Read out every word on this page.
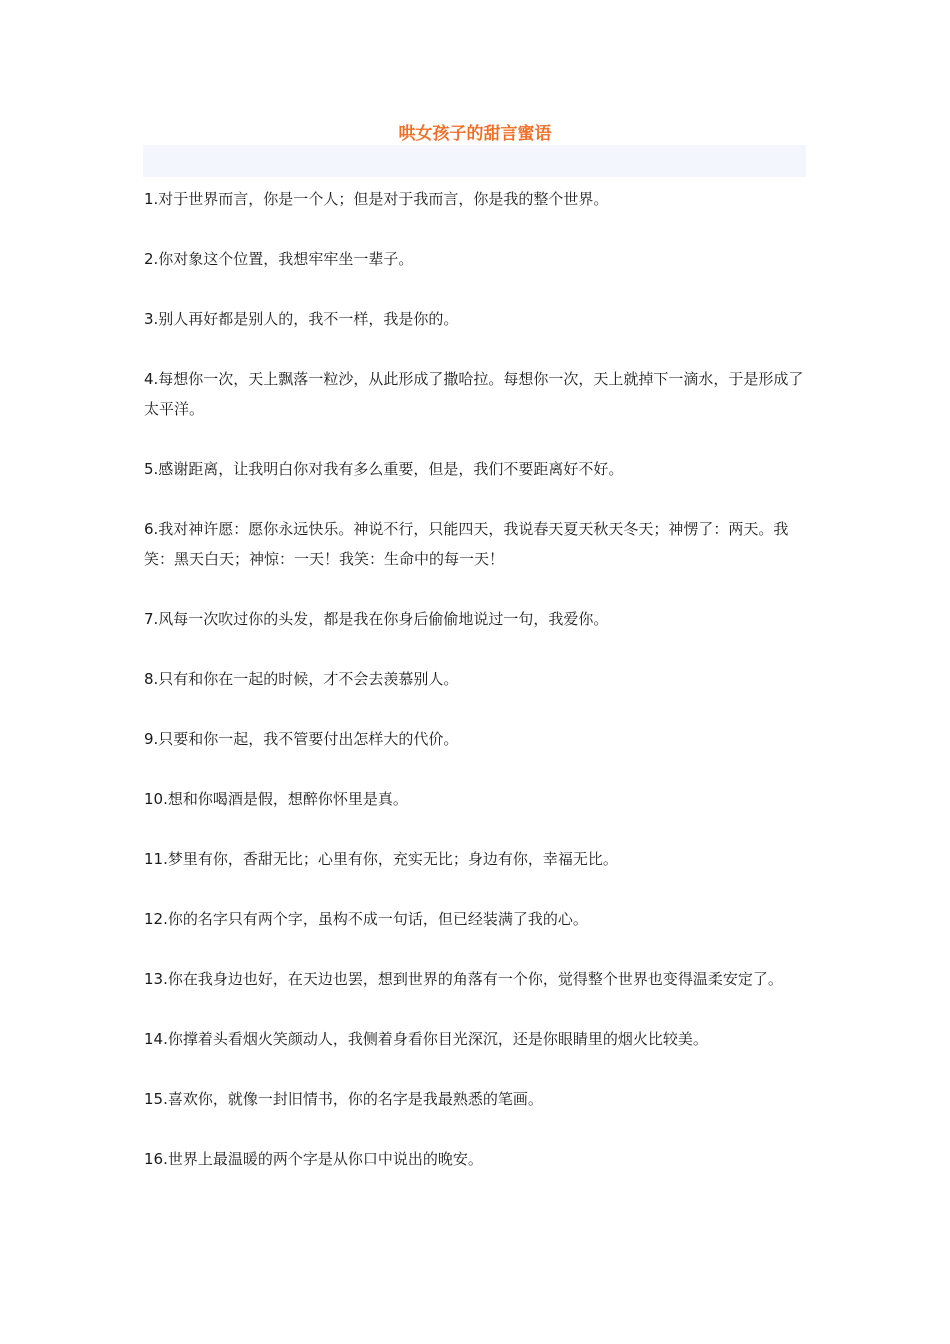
哄女孩子的甜言蜜语

1.对于世界而言，你是一个人；但是对于我而言，你是我的整个世界。

2.你对象这个位置，我想牢牢坐一辈子。

3.别人再好都是别人的，我不一样，我是你的。

4.每想你一次，天上飘落一粒沙，从此形成了撒哈拉。每想你一次，天上就掉下一滴水，于是形成了太平洋。

5.感谢距离，让我明白你对我有多么重要，但是，我们不要距离好不好。

6.我对神许愿：愿你永远快乐。神说不行，只能四天，我说春天夏天秋天冬天；神愣了：两天。我笑：黑天白天；神惊：一天！我笑：生命中的每一天！

7.风每一次吹过你的头发，都是我在你身后偷偷地说过一句，我爱你。

8.只有和你在一起的时候，才不会去羡慕别人。

9.只要和你一起，我不管要付出怎样大的代价。

10.想和你喝酒是假，想醉你怀里是真。

11.梦里有你，香甜无比；心里有你，充实无比；身边有你，幸福无比。

12.你的名字只有两个字，虽构不成一句话，但已经装满了我的心。

13.你在我身边也好，在天边也罢，想到世界的角落有一个你，觉得整个世界也变得温柔安定了。

14.你撑着头看烟火笑颜动人，我侧着身看你目光深沉，还是你眼睛里的烟火比较美。

15.喜欢你，就像一封旧情书，你的名字是我最熟悉的笔画。

16.世界上最温暖的两个字是从你口中说出的晚安。
